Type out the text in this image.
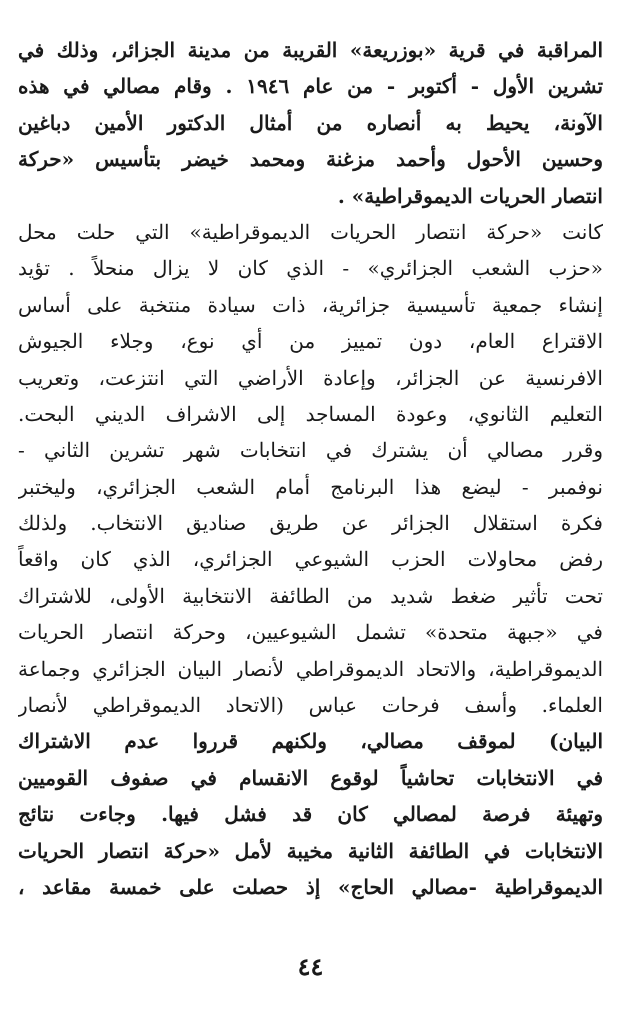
المراقبة في قرية «بوزريعة» القريبة من مدينة الجزائر، وذلك في
تشرين الأول - أكتوبر - من عام ١٩٤٦ . وقام مصالي في هذه
الآونة، يحيط به أنصاره من أمثال الدكتور الأمين دباغين
وحسين الأحول وأحمد مزغنة ومحمد خيضر بتأسيس «حركة
انتصار الحريات الديموقراطية» .
كانت «حركة انتصار الحريات الديموقراطية» التي حلت محل
«حزب الشعب الجزائري» - الذي كان لا يزال منحلاً . تؤيد
إنشاء جمعية تأسيسية جزائرية، ذات سيادة منتخبة على أساس
الاقتراع العام، دون تمييز من أي نوع، وجلاء الجيوش
الافرنسية عن الجزائر، وإعادة الأراضي التي انتزعت، وتعريب
التعليم الثانوي، وعودة المساجد إلى الاشراف الديني البحت.
وقرر مصالي أن يشترك في انتخابات شهر تشرين الثاني -
نوفمبر - ليضع هذا البرنامج أمام الشعب الجزائري، وليختبر
فكرة استقلال الجزائر عن طريق صناديق الانتخاب. ولذلك
رفض محاولات الحزب الشيوعي الجزائري، الذي كان واقعاً
تحت تأثير ضغط شديد من الطائفة الانتخابية الأولى، للاشتراك
في «جبهة متحدة» تشمل الشيوعيين، وحركة انتصار الحريات
الديموقراطية، والاتحاد الديموقراطي لأنصار البيان الجزائري وجماعة
العلماء. وأسف فرحات عباس (الاتحاد الديموقراطي لأنصار
البيان) لموقف مصالي، ولكنهم قرروا عدم الاشتراك
في الانتخابات تحاشياً لوقوع الانقسام في صفوف القوميين
وتهيئة فرصة لمصالي كان قد فشل فيها. وجاءت نتائج
الانتخابات في الطائفة الثانية مخيبة لأمل «حركة انتصار الحريات
الديموقراطية -مصالي الحاج» إذ حصلت على خمسة مقاعد ،
٤٤
